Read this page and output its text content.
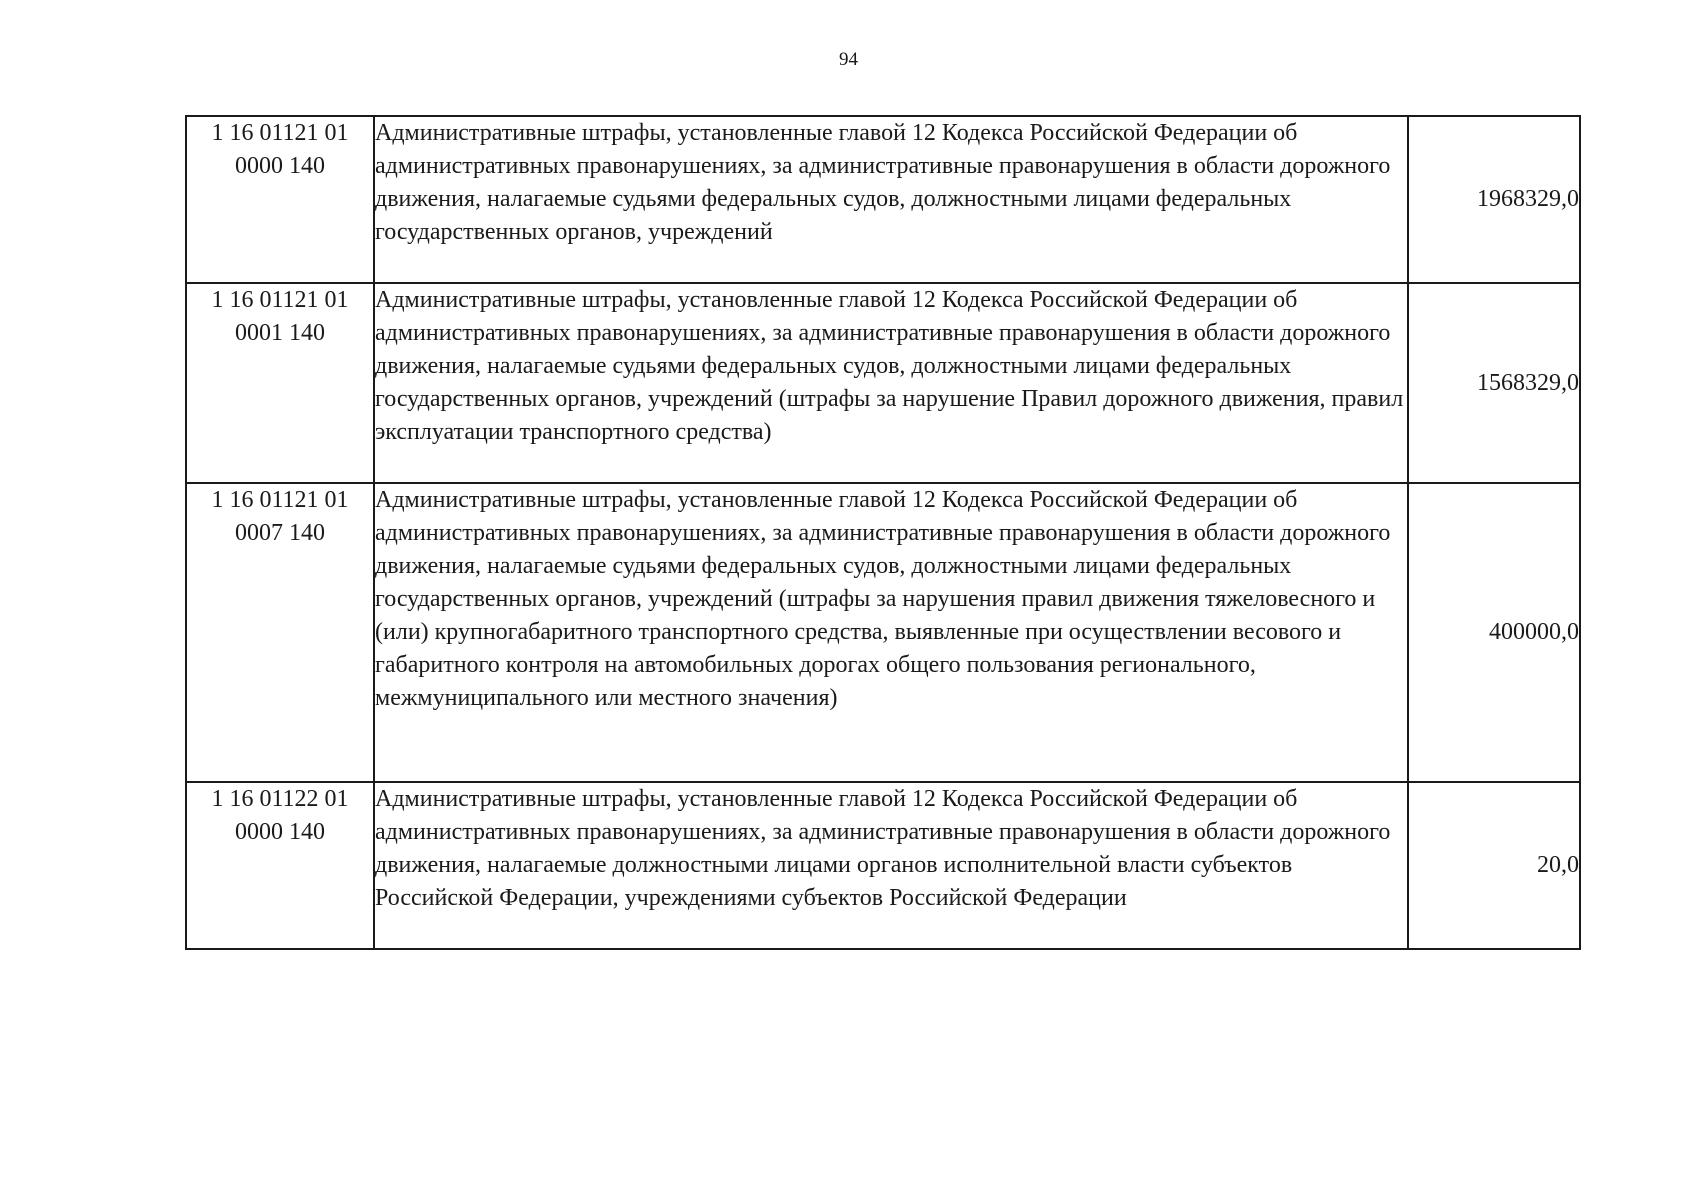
94
1 16 01121 01
0000 140	Административные штрафы, установленные главой 12 Кодекса Российской Федерации об административных правонарушениях, за административные правонарушения в области дорожного движения, налагаемые судьями федеральных судов, должностными лицами федеральных государственных органов, учреждений	1968329,0

1 16 01121 01
0001 140	Административные штрафы, установленные главой 12 Кодекса Российской Федерации об административных правонарушениях, за административные правонарушения в области дорожного движения, налагаемые судьями федеральных судов, должностными лицами федеральных государственных органов, учреждений (штрафы за нарушение Правил дорожного движения, правил эксплуатации транспортного средства)	1568329,0

1 16 01121 01
0007 140	Административные штрафы, установленные главой 12 Кодекса Российской Федерации об административных правонарушениях, за административные правонарушения в области дорожного движения, налагаемые судьями федеральных судов, должностными лицами федеральных государственных органов, учреждений (штрафы за нарушения правил движения тяжеловесного и (или) крупногабаритного транспортного средства, выявленные при осуществлении весового и габаритного контроля на автомобильных дорогах общего пользования регионального, межмуниципального или местного значения)	400000,0

1 16 01122 01
0000 140	Административные штрафы, установленные главой 12 Кодекса Российской Федерации об административных правонарушениях, за административные правонарушения в области дорожного движения, налагаемые должностными лицами органов исполнительной власти субъектов Российской Федерации, учреждениями субъектов Российской Федерации	20,0
